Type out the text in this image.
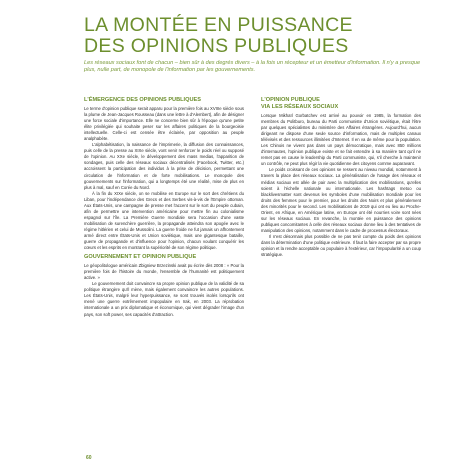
LA MONTÉE EN PUISSANCE
DES OPINIONS PUBLIQUES

Les réseaux sociaux font de chacun – bien sûr à des degrés divers – à la fois un récepteur et un émetteur d'information. Il n'y a presque plus, nulle part, de monopole de l'information par les gouvernements.

L'ÉMERGENCE DES OPINIONS PUBLIQUES

Le terme d'opinion publique serait apparu pour la première fois au XVIIIe siècle sous la plume de Jean-Jacques Rousseau (dans une lettre à d'Alembert), afin de désigner une force sociale d'importance. Elle ne concerne bien sûr à l'époque qu'une petite élite privilégiée qui souhaite peser sur les affaires politiques de la bourgeoisie intellectuelle. Celle-ci est censée être éclairée, par opposition au peuple analphabète.

L'alphabétisation, la naissance de l'imprimerie, la diffusion des connaissances, puis celle de la presse au XIXe siècle, vont venir renforcer le poids réel ou supposé de l'opinion. Au XXe siècle, le développement des mass medias, l'apparition de sondages, puis celle des réseaux sociaux décentralisés (Facebook, Twitter, etc.) accroissent la participation des individus à la prise de décision, permettant une circulation de l'information et de forte mobilisations. Le monopole des gouvernements sur l'information, qui a longtemps été une réalité, mise de plus en plus à mal, sauf en Corée du Nord.

À la fin du XIXe siècle, on se mobilise en Europe sur le sort des chrétiens du Liban, pour l'indépendance des Grecs et des Serbes vis-à-vis de l'Empire ottoman. Aux États-Unis, une campagne de presse met l'accent sur le sort du peuple cubain, afin de permettre une intervention américaine pour mettre fin au colonialisme espagnol sur l'île. La Première Guerre mondiale sera l'occasion d'une vaste mobilisation de surenchère guerrière, la propagande atteindra son apogée avec le régime hitlérien et celui de Mussolini. La guerre froide ne fut jamais un affrontement armé direct entre États-Unis et Union soviétique, mais une gigantesque bataille, guerre de propagande et d'influence pour l'opinion, chacun voulant conquérir les cœurs et les esprits en montrant la supériorité de son régime politique.

GOUVERNEMENT ET OPINION PUBLIQUE

Le géopolitologue américain Zbigniew Brzezinski avait pu écrire dès 2008 : « Pour la première fois de l'histoire du monde, l'ensemble de l'humanité est politiquement active. »

Le gouvernement doit convaincre sa propre opinion publique de la validité de sa politique étrangère qu'il mène, mais également convaincre les autres populations. Les États-Unis, malgré leur hyperpuissance, se sont trouvés isolés lorsqu'ils ont mené une guerre extrêmement impopulaire en Irak, en 2003. La réprobation internationale a un prix diplomatique et économique, qui vient dégrader l'image d'un pays, son soft power, ses capacités d'attraction.

L'OPINION PUBLIQUE
VIA LES RÉSEAUX SOCIAUX

Lorsque Mikhaïl Gorbatchev est arrivé au pouvoir en 1985, la formation des membres du Politburo, bureau du Parti communiste d'Union soviétique, était l'être par quelques spécialistes du ministère des Affaires étrangères. Aujourd'hui, aucun dirigeant ne dispose d'une seule source d'information, mais de multiples canaux télévisés et des ressources illimitées d'Internet. Il en va de même pour la population. Les Chinois ne vivent pas dans un pays démocratique, mais avec 850 millions d'internautes, l'opinion publique existe et se fait entendre à sa manière tant qu'il ne remet pas en cause le leadership du Parti communiste, qui, s'il cherche à maintenir un contrôle, ne peut plus régir la vie quotidienne des citoyens comme auparavant.

Le poids croissant de ces opinions se ressent au niveau mondial, notamment à travers la place des réseaux sociaux. La généralisation de l'usage des réseaux et médias sociaux est allée de pair avec la multiplication des mobilisations, qu'elles soient à l'échelle nationale ou internationale. Les hashtags metoo ou blacklivesmatter sont devenus les symboles d'une mobilisation mondiale pour les droits des femmes pour le premier, pour les droits des Noirs et plus généralement des minorités pour le second. Les mobilisations de 2019 qui ont eu lieu au Proche-Orient, en Afrique, en Amérique latine, en Europe ont été nourries voire sont nées sur les réseaux sociaux. En revanche, la montée en puissance des opinions publiques concomitantes à celle des réseaux sociaux donne lieu à des tentatives de manipulation des opinions, notamment dans le cadre de processus électoraux.

Il n'est désormais plus possible de ne pas tenir compte du poids des opinions dans la détermination d'une politique extérieure. Il faut la faire accepter par sa propre opinion et la rendre acceptable ou populaire à l'extérieur, car l'impopularité a un coup stratégique.

60
